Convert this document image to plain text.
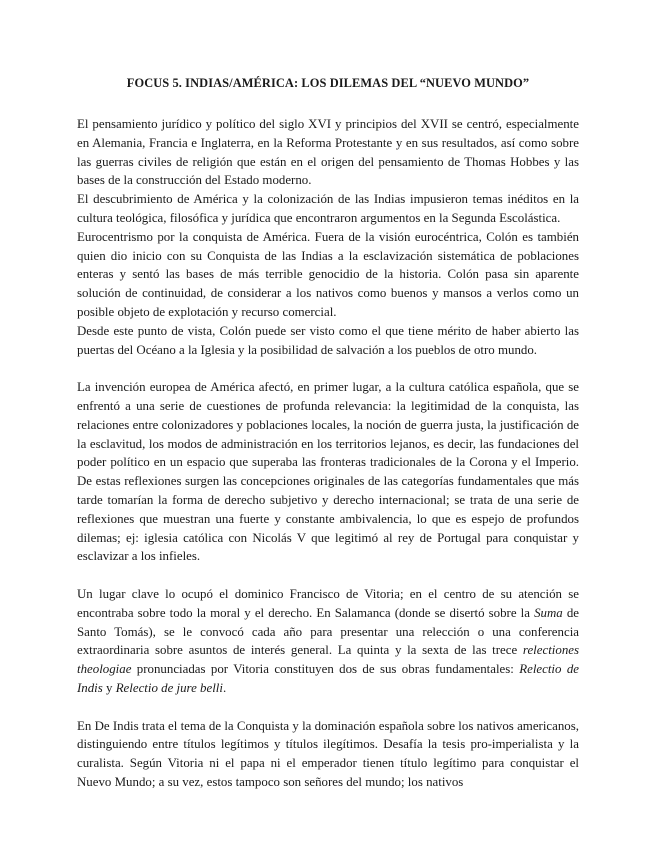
FOCUS 5. INDIAS/AMÉRICA: LOS DILEMAS DEL “NUEVO MUNDO”

El pensamiento jurídico y político del siglo XVI y principios del XVII se centró, especialmente en Alemania, Francia e Inglaterra, en la Reforma Protestante y en sus resultados, así como sobre las guerras civiles de religión que están en el origen del pensamiento de Thomas Hobbes y las bases de la construcción del Estado moderno.

El descubrimiento de América y la colonización de las Indias impusieron temas inéditos en la cultura teológica, filosófica y jurídica que encontraron argumentos en la Segunda Escolástica.

Eurocentrismo por la conquista de América. Fuera de la visión eurocéntrica, Colón es también quien dio inicio con su Conquista de las Indias a la esclavización sistemática de poblaciones enteras y sentó las bases de más terrible genocidio de la historia. Colón pasa sin aparente solución de continuidad, de considerar a los nativos como buenos y mansos a verlos como un posible objeto de explotación y recurso comercial.

Desde este punto de vista, Colón puede ser visto como el que tiene mérito de haber abierto las puertas del Océano a la Iglesia y la posibilidad de salvación a los pueblos de otro mundo.

La invención europea de América afectó, en primer lugar, a la cultura católica española, que se enfrentó a una serie de cuestiones de profunda relevancia: la legitimidad de la conquista, las relaciones entre colonizadores y poblaciones locales, la noción de guerra justa, la justificación de la esclavitud, los modos de administración en los territorios lejanos, es decir, las fundaciones del poder político en un espacio que superaba las fronteras tradicionales de la Corona y el Imperio. De estas reflexiones surgen las concepciones originales de las categorías fundamentales que más tarde tomarían la forma de derecho subjetivo y derecho internacional; se trata de una serie de reflexiones que muestran una fuerte y constante ambivalencia, lo que es espejo de profundos dilemas; ej: iglesia católica con Nicolás V que legitimó al rey de Portugal para conquistar y esclavizar a los infieles.

Un lugar clave lo ocupó el dominico Francisco de Vitoria; en el centro de su atención se encontraba sobre todo la moral y el derecho. En Salamanca (donde se disertó sobre la Suma de Santo Tomás), se le convocó cada año para presentar una relección o una conferencia extraordinaria sobre asuntos de interés general. La quinta y la sexta de las trece relectiones theologiae pronunciadas por Vitoria constituyen dos de sus obras fundamentales: Relectio de Indis y Relectio de jure belli.

En De Indis trata el tema de la Conquista y la dominación española sobre los nativos americanos, distinguiendo entre títulos legítimos y títulos ilegítimos. Desafía la tesis pro-imperialista y la curalista. Según Vitoria ni el papa ni el emperador tienen título legítimo para conquistar el Nuevo Mundo; a su vez, estos tampoco son señores del mundo; los nativos
